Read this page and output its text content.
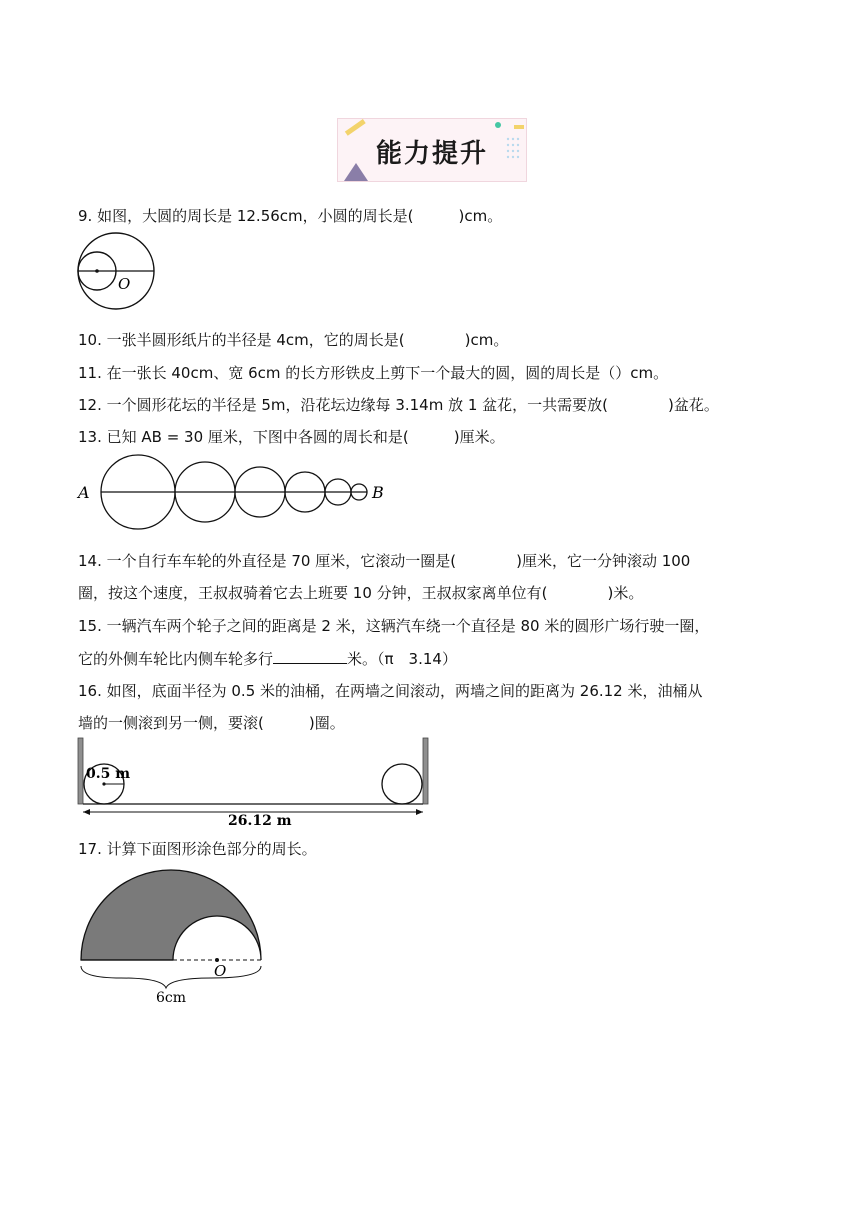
能力提升
9. 如图，大圆的周长是 12.56cm，小圆的周长是(　　　)cm。
O
10. 一张半圆形纸片的半径是 4cm，它的周长是(　　　　)cm。
11. 在一张长 40cm、宽 6cm 的长方形铁皮上剪下一个最大的圆，圆的周长是（）cm。
12. 一个圆形花坛的半径是 5m，沿花坛边缘每 3.14m 放 1 盆花，一共需要放(　　　　)盆花。
13. 已知 AB = 30 厘米，下图中各圆的周长和是(　　　)厘米。
A	B
14. 一个自行车车轮的外直径是 70 厘米，它滚动一圈是(　　　　)厘米，它一分钟滚动 100
圈，按这个速度，王叔叔骑着它去上班要 10 分钟，王叔叔家离单位有(　　　　)米。
15. 一辆汽车两个轮子之间的距离是 2 米，这辆汽车绕一个直径是 80 米的圆形广场行驶一圈，
它的外侧车轮比内侧车轮多行	米。（π　3.14）
16. 如图，底面半径为 0.5 米的油桶，在两墙之间滚动，两墙之间的距离为 26.12 米，油桶从
墙的一侧滚到另一侧，要滚(　　　)圈。
0.5 m
26.12 m
17. 计算下面图形涂色部分的周长。
O
6cm
